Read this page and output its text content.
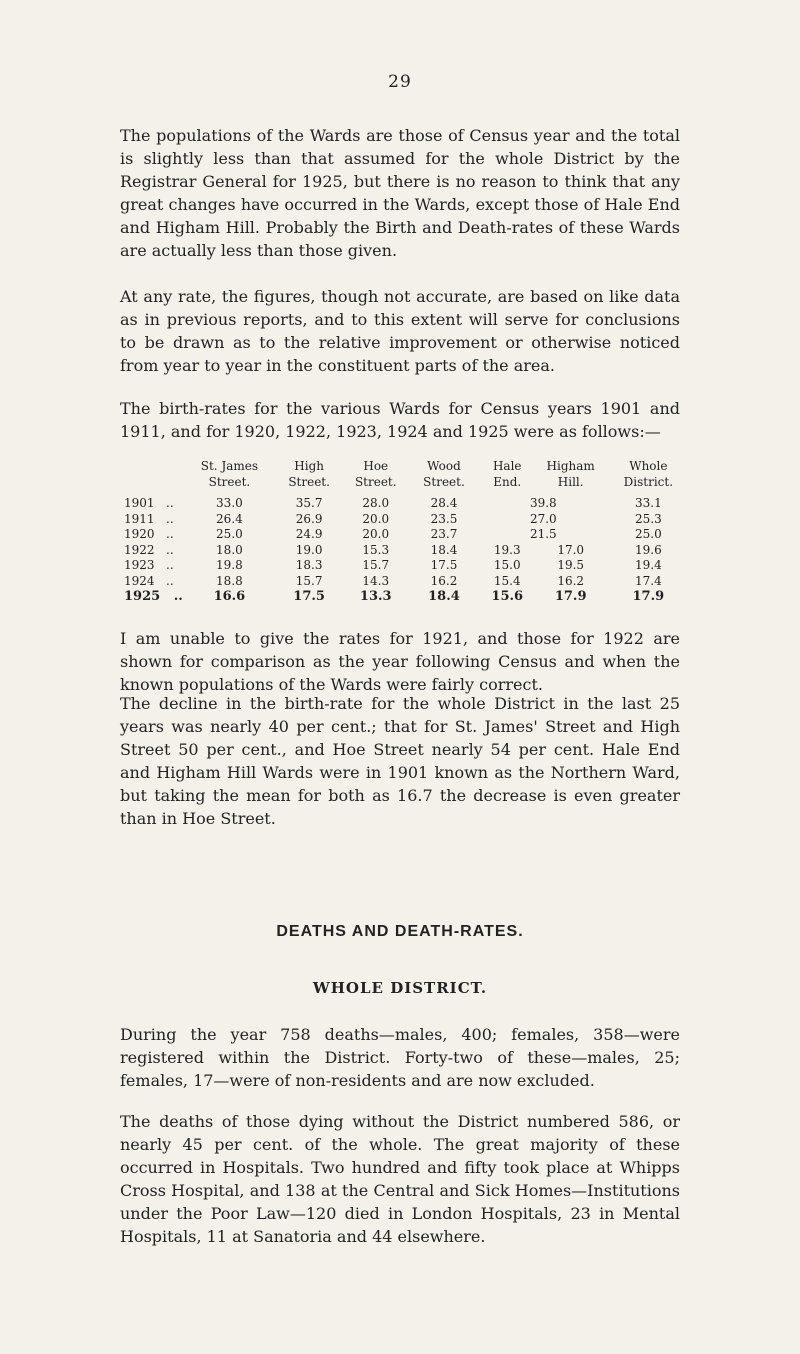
29

The populations of the Wards are those of Census year and the total is slightly less than that assumed for the whole District by the Registrar General for 1925, but there is no reason to think that any great changes have occurred in the Wards, except those of Hale End and Higham Hill. Probably the Birth and Death-rates of these Wards are actually less than those given.

At any rate, the figures, though not accurate, are based on like data as in previous reports, and to this extent will serve for conclusions to be drawn as to the relative improvement or otherwise noticed from year to year in the constituent parts of the area.

The birth-rates for the various Wards for Census years 1901 and 1911, and for 1920, 1922, 1923, 1924 and 1925 were as follows:—

	St. James Street.	High Street.	Hoe Street.	Wood Street.	Hale End.	Higham Hill.	Whole District.
1901 ..	33.0	35.7	28.0	28.4	39.8		33.1
1911 ..	26.4	26.9	20.0	23.5	27.0		25.3
1920 ..	25.0	24.9	20.0	23.7	21.5		25.0
1922 ..	18.0	19.0	15.3	18.4	19.3	17.0	19.6
1923 ..	19.8	18.3	15.7	17.5	15.0	19.5	19.4
1924 ..	18.8	15.7	14.3	16.2	15.4	16.2	17.4
1925 ..	16.6	17.5	13.3	18.4	15.6	17.9	17.9

I am unable to give the rates for 1921, and those for 1922 are shown for comparison as the year following Census and when the known populations of the Wards were fairly correct.

The decline in the birth-rate for the whole District in the last 25 years was nearly 40 per cent.; that for St. James' Street and High Street 50 per cent., and Hoe Street nearly 54 per cent. Hale End and Higham Hill Wards were in 1901 known as the Northern Ward, but taking the mean for both as 16.7 the decrease is even greater than in Hoe Street.

DEATHS AND DEATH-RATES.
WHOLE DISTRICT.

During the year 758 deaths—males, 400; females, 358—were registered within the District. Forty-two of these—males, 25; females, 17—were of non-residents and are now excluded.

The deaths of those dying without the District numbered 586, or nearly 45 per cent. of the whole. The great majority of these occurred in Hospitals. Two hundred and fifty took place at Whipps Cross Hospital, and 138 at the Central and Sick Homes—Institutions under the Poor Law—120 died in London Hospitals, 23 in Mental Hospitals, 11 at Sanatoria and 44 elsewhere.
